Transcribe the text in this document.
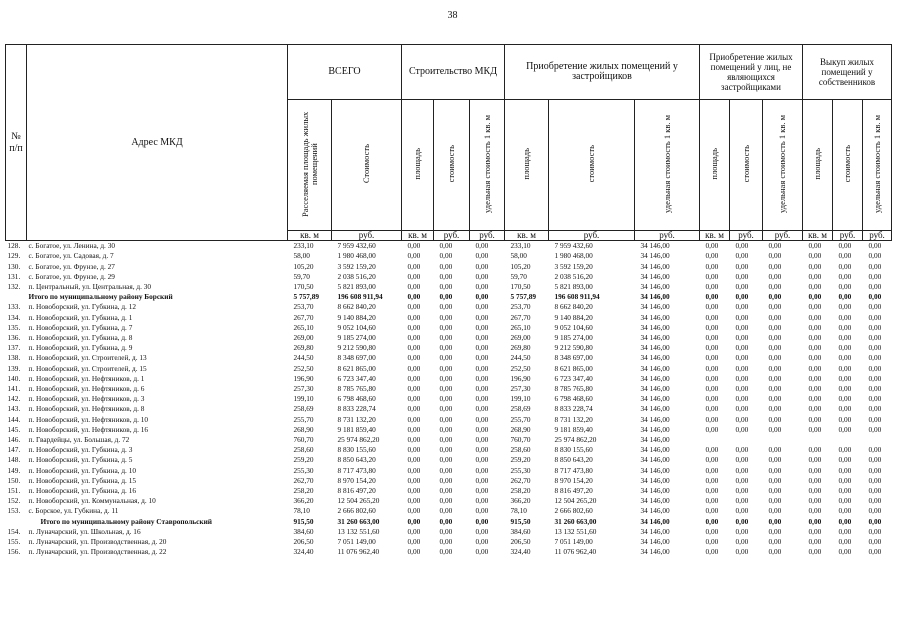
38
№ п/п	Адрес МКД	ВСЕГО		Строительство МКД			Приобретение жилых помещений у застройщиков			Приобретение жилых помещений у лиц, не являющихся застройщиками			Выкуп жилых помещений у собственников		
		Расселяемая площадь жилых помещений	Стоимость	площадь	стоимость	удельная стоимость 1 кв. м	площадь	стоимость	удельная стоимость 1 кв. м	площадь	стоимость	удельная стоимость 1 кв. м	площадь	стоимость	удельная стоимость 1 кв. м
		кв. м	руб.	кв. м	руб.	руб.	кв. м	руб.	руб.	кв. м	руб.	руб.	кв. м	руб.	руб.
128.	с. Богатое, ул. Ленина, д. 30	233,10	7 959 432,60	0,00	0,00	0,00	233,10	7 959 432,60	34 146,00	0,00	0,00	0,00	0,00	0,00	0,00
129.	с. Богатое, ул. Садовая, д. 7	58,00	1 980 468,00	0,00	0,00	0,00	58,00	1 980 468,00	34 146,00	0,00	0,00	0,00	0,00	0,00	0,00
130.	с. Богатое, ул. Фрунзе, д. 27	105,20	3 592 159,20	0,00	0,00	0,00	105,20	3 592 159,20	34 146,00	0,00	0,00	0,00	0,00	0,00	0,00
131.	с. Богатое, ул. Фрунзе, д. 29	59,70	2 038 516,20	0,00	0,00	0,00	59,70	2 038 516,20	34 146,00	0,00	0,00	0,00	0,00	0,00	0,00
132.	п. Центральный, ул. Центральная, д. 30	170,50	5 821 893,00	0,00	0,00	0,00	170,50	5 821 893,00	34 146,00	0,00	0,00	0,00	0,00	0,00	0,00
	Итого по муниципальному району Борский	5 757,89	196 608 911,94	0,00	0,00	0,00	5 757,89	196 608 911,94	34 146,00	0,00	0,00	0,00	0,00	0,00	0,00
133.	п. Новоборский, ул. Губкина, д. 12	253,70	8 662 840,20	0,00	0,00	0,00	253,70	8 662 840,20	34 146,00	0,00	0,00	0,00	0,00	0,00	0,00
134.	п. Новоборский, ул. Губкина, д. 1	267,70	9 140 884,20	0,00	0,00	0,00	267,70	9 140 884,20	34 146,00	0,00	0,00	0,00	0,00	0,00	0,00
135.	п. Новоборский, ул. Губкина, д. 7	265,10	9 052 104,60	0,00	0,00	0,00	265,10	9 052 104,60	34 146,00	0,00	0,00	0,00	0,00	0,00	0,00
136.	п. Новоборский, ул. Губкина, д. 8	269,00	9 185 274,00	0,00	0,00	0,00	269,00	9 185 274,00	34 146,00	0,00	0,00	0,00	0,00	0,00	0,00
137.	п. Новоборский, ул. Губкина, д. 9	269,80	9 212 590,80	0,00	0,00	0,00	269,80	9 212 590,80	34 146,00	0,00	0,00	0,00	0,00	0,00	0,00
138.	п. Новоборский, ул. Строителей, д. 13	244,50	8 348 697,00	0,00	0,00	0,00	244,50	8 348 697,00	34 146,00	0,00	0,00	0,00	0,00	0,00	0,00
139.	п. Новоборский, ул. Строителей, д. 15	252,50	8 621 865,00	0,00	0,00	0,00	252,50	8 621 865,00	34 146,00	0,00	0,00	0,00	0,00	0,00	0,00
140.	п. Новоборский, ул. Нефтяников, д. 1	196,90	6 723 347,40	0,00	0,00	0,00	196,90	6 723 347,40	34 146,00	0,00	0,00	0,00	0,00	0,00	0,00
141.	п. Новоборский, ул. Нефтяников, д. 6	257,30	8 785 765,80	0,00	0,00	0,00	257,30	8 785 765,80	34 146,00	0,00	0,00	0,00	0,00	0,00	0,00
142.	п. Новоборский, ул. Нефтяников, д. 3	199,10	6 798 468,60	0,00	0,00	0,00	199,10	6 798 468,60	34 146,00	0,00	0,00	0,00	0,00	0,00	0,00
143.	п. Новоборский, ул. Нефтяников, д. 8	258,69	8 833 228,74	0,00	0,00	0,00	258,69	8 833 228,74	34 146,00	0,00	0,00	0,00	0,00	0,00	0,00
144.	п. Новоборский, ул. Нефтяников, д. 10	255,70	8 731 132,20	0,00	0,00	0,00	255,70	8 731 132,20	34 146,00	0,00	0,00	0,00	0,00	0,00	0,00
145.	п. Новоборский, ул. Нефтяников, д. 16	268,90	9 181 859,40	0,00	0,00	0,00	268,90	9 181 859,40	34 146,00	0,00	0,00	0,00	0,00	0,00	0,00
146.	п. Гвардейцы, ул. Большая, д. 72	760,70	25 974 862,20	0,00	0,00	0,00	760,70	25 974 862,20	34 146,00						
147.	п. Новоборский, ул. Губкина, д. 3	258,60	8 830 155,60	0,00	0,00	0,00	258,60	8 830 155,60	34 146,00	0,00	0,00	0,00	0,00	0,00	0,00
148.	п. Новоборский, ул. Губкина, д. 5	259,20	8 850 643,20	0,00	0,00	0,00	259,20	8 850 643,20	34 146,00	0,00	0,00	0,00	0,00	0,00	0,00
149.	п. Новоборский, ул. Губкина, д. 10	255,30	8 717 473,80	0,00	0,00	0,00	255,30	8 717 473,80	34 146,00	0,00	0,00	0,00	0,00	0,00	0,00
150.	п. Новоборский, ул. Губкина, д. 15	262,70	8 970 154,20	0,00	0,00	0,00	262,70	8 970 154,20	34 146,00	0,00	0,00	0,00	0,00	0,00	0,00
151.	п. Новоборский, ул. Губкина, д. 16	258,20	8 816 497,20	0,00	0,00	0,00	258,20	8 816 497,20	34 146,00	0,00	0,00	0,00	0,00	0,00	0,00
152.	п. Новоборский, ул. Коммунальная, д. 10	366,20	12 504 265,20	0,00	0,00	0,00	366,20	12 504 265,20	34 146,00	0,00	0,00	0,00	0,00	0,00	0,00
153.	с. Борское, ул. Губкина, д. 11	78,10	2 666 802,60	0,00	0,00	0,00	78,10	2 666 802,60	34 146,00	0,00	0,00	0,00	0,00	0,00	0,00
	Итого по муниципальному району Ставропольский	915,50	31 260 663,00	0,00	0,00	0,00	915,50	31 260 663,00	34 146,00	0,00	0,00	0,00	0,00	0,00	0,00
154.	п. Луначарский, ул. Школьная, д. 16	384,60	13 132 551,60	0,00	0,00	0,00	384,60	13 132 551,60	34 146,00	0,00	0,00	0,00	0,00	0,00	0,00
155.	п. Луначарский, ул. Производственная, д. 20	206,50	7 051 149,00	0,00	0,00	0,00	206,50	7 051 149,00	34 146,00	0,00	0,00	0,00	0,00	0,00	0,00
156.	п. Луначарский, ул. Производственная, д. 22	324,40	11 076 962,40	0,00	0,00	0,00	324,40	11 076 962,40	34 146,00	0,00	0,00	0,00	0,00	0,00	0,00
